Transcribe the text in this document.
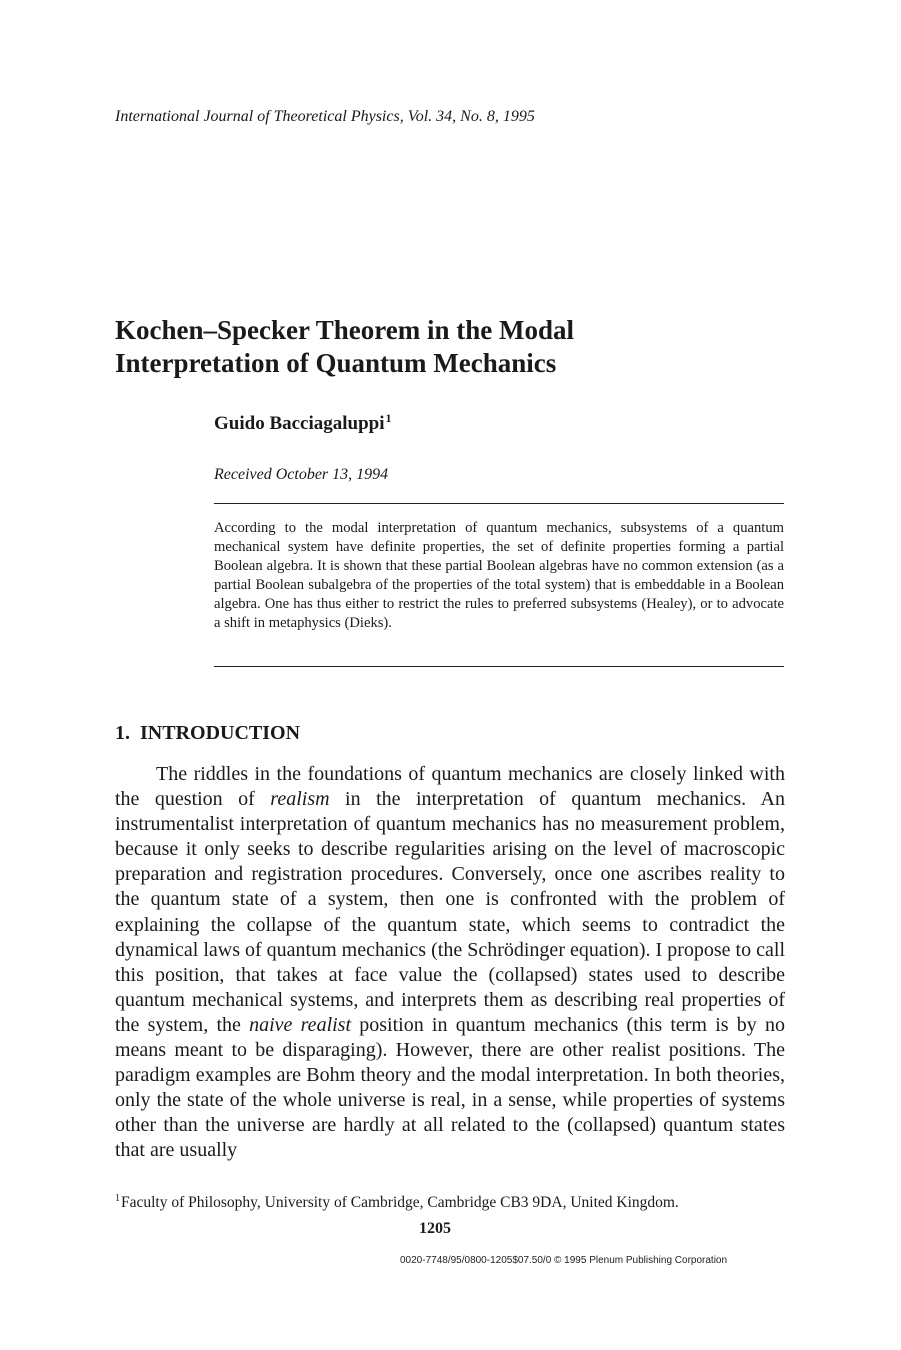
International Journal of Theoretical Physics, Vol. 34, No. 8, 1995
Kochen–Specker Theorem in the Modal
Interpretation of Quantum Mechanics
Guido Bacciagaluppi$^1$
Received October 13, 1994

According to the modal interpretation of quantum mechanics, subsystems of a quantum mechanical system have definite properties, the set of definite properties forming a partial Boolean algebra. It is shown that these partial Boolean algebras have no common extension (as a partial Boolean subalgebra of the properties of the total system) that is embeddable in a Boolean algebra. One has thus either to restrict the rules to preferred subsystems (Healey), or to advocate a shift in metaphysics (Dieks).

1. INTRODUCTION

The riddles in the foundations of quantum mechanics are closely linked with the question of realism in the interpretation of quantum mechanics. An instrumentalist interpretation of quantum mechanics has no measurement problem, because it only seeks to describe regularities arising on the level of macroscopic preparation and registration procedures. Conversely, once one ascribes reality to the quantum state of a system, then one is confronted with the problem of explaining the collapse of the quantum state, which seems to contradict the dynamical laws of quantum mechanics (the Schrödinger equation). I propose to call this position, that takes at face value the (collapsed) states used to describe quantum mechanical systems, and interprets them as describing real properties of the system, the naive realist position in quantum mechanics (this term is by no means meant to be disparaging). However, there are other realist positions. The paradigm examples are Bohm theory and the modal interpretation. In both theories, only the state of the whole universe is real, in a sense, while properties of systems other than the universe are hardly at all related to the (collapsed) quantum states that are usually

$^1$Faculty of Philosophy, University of Cambridge, Cambridge CB3 9DA, United Kingdom.
1205
0020-7748/95/0800-1205$07.50/0 © 1995 Plenum Publishing Corporation
